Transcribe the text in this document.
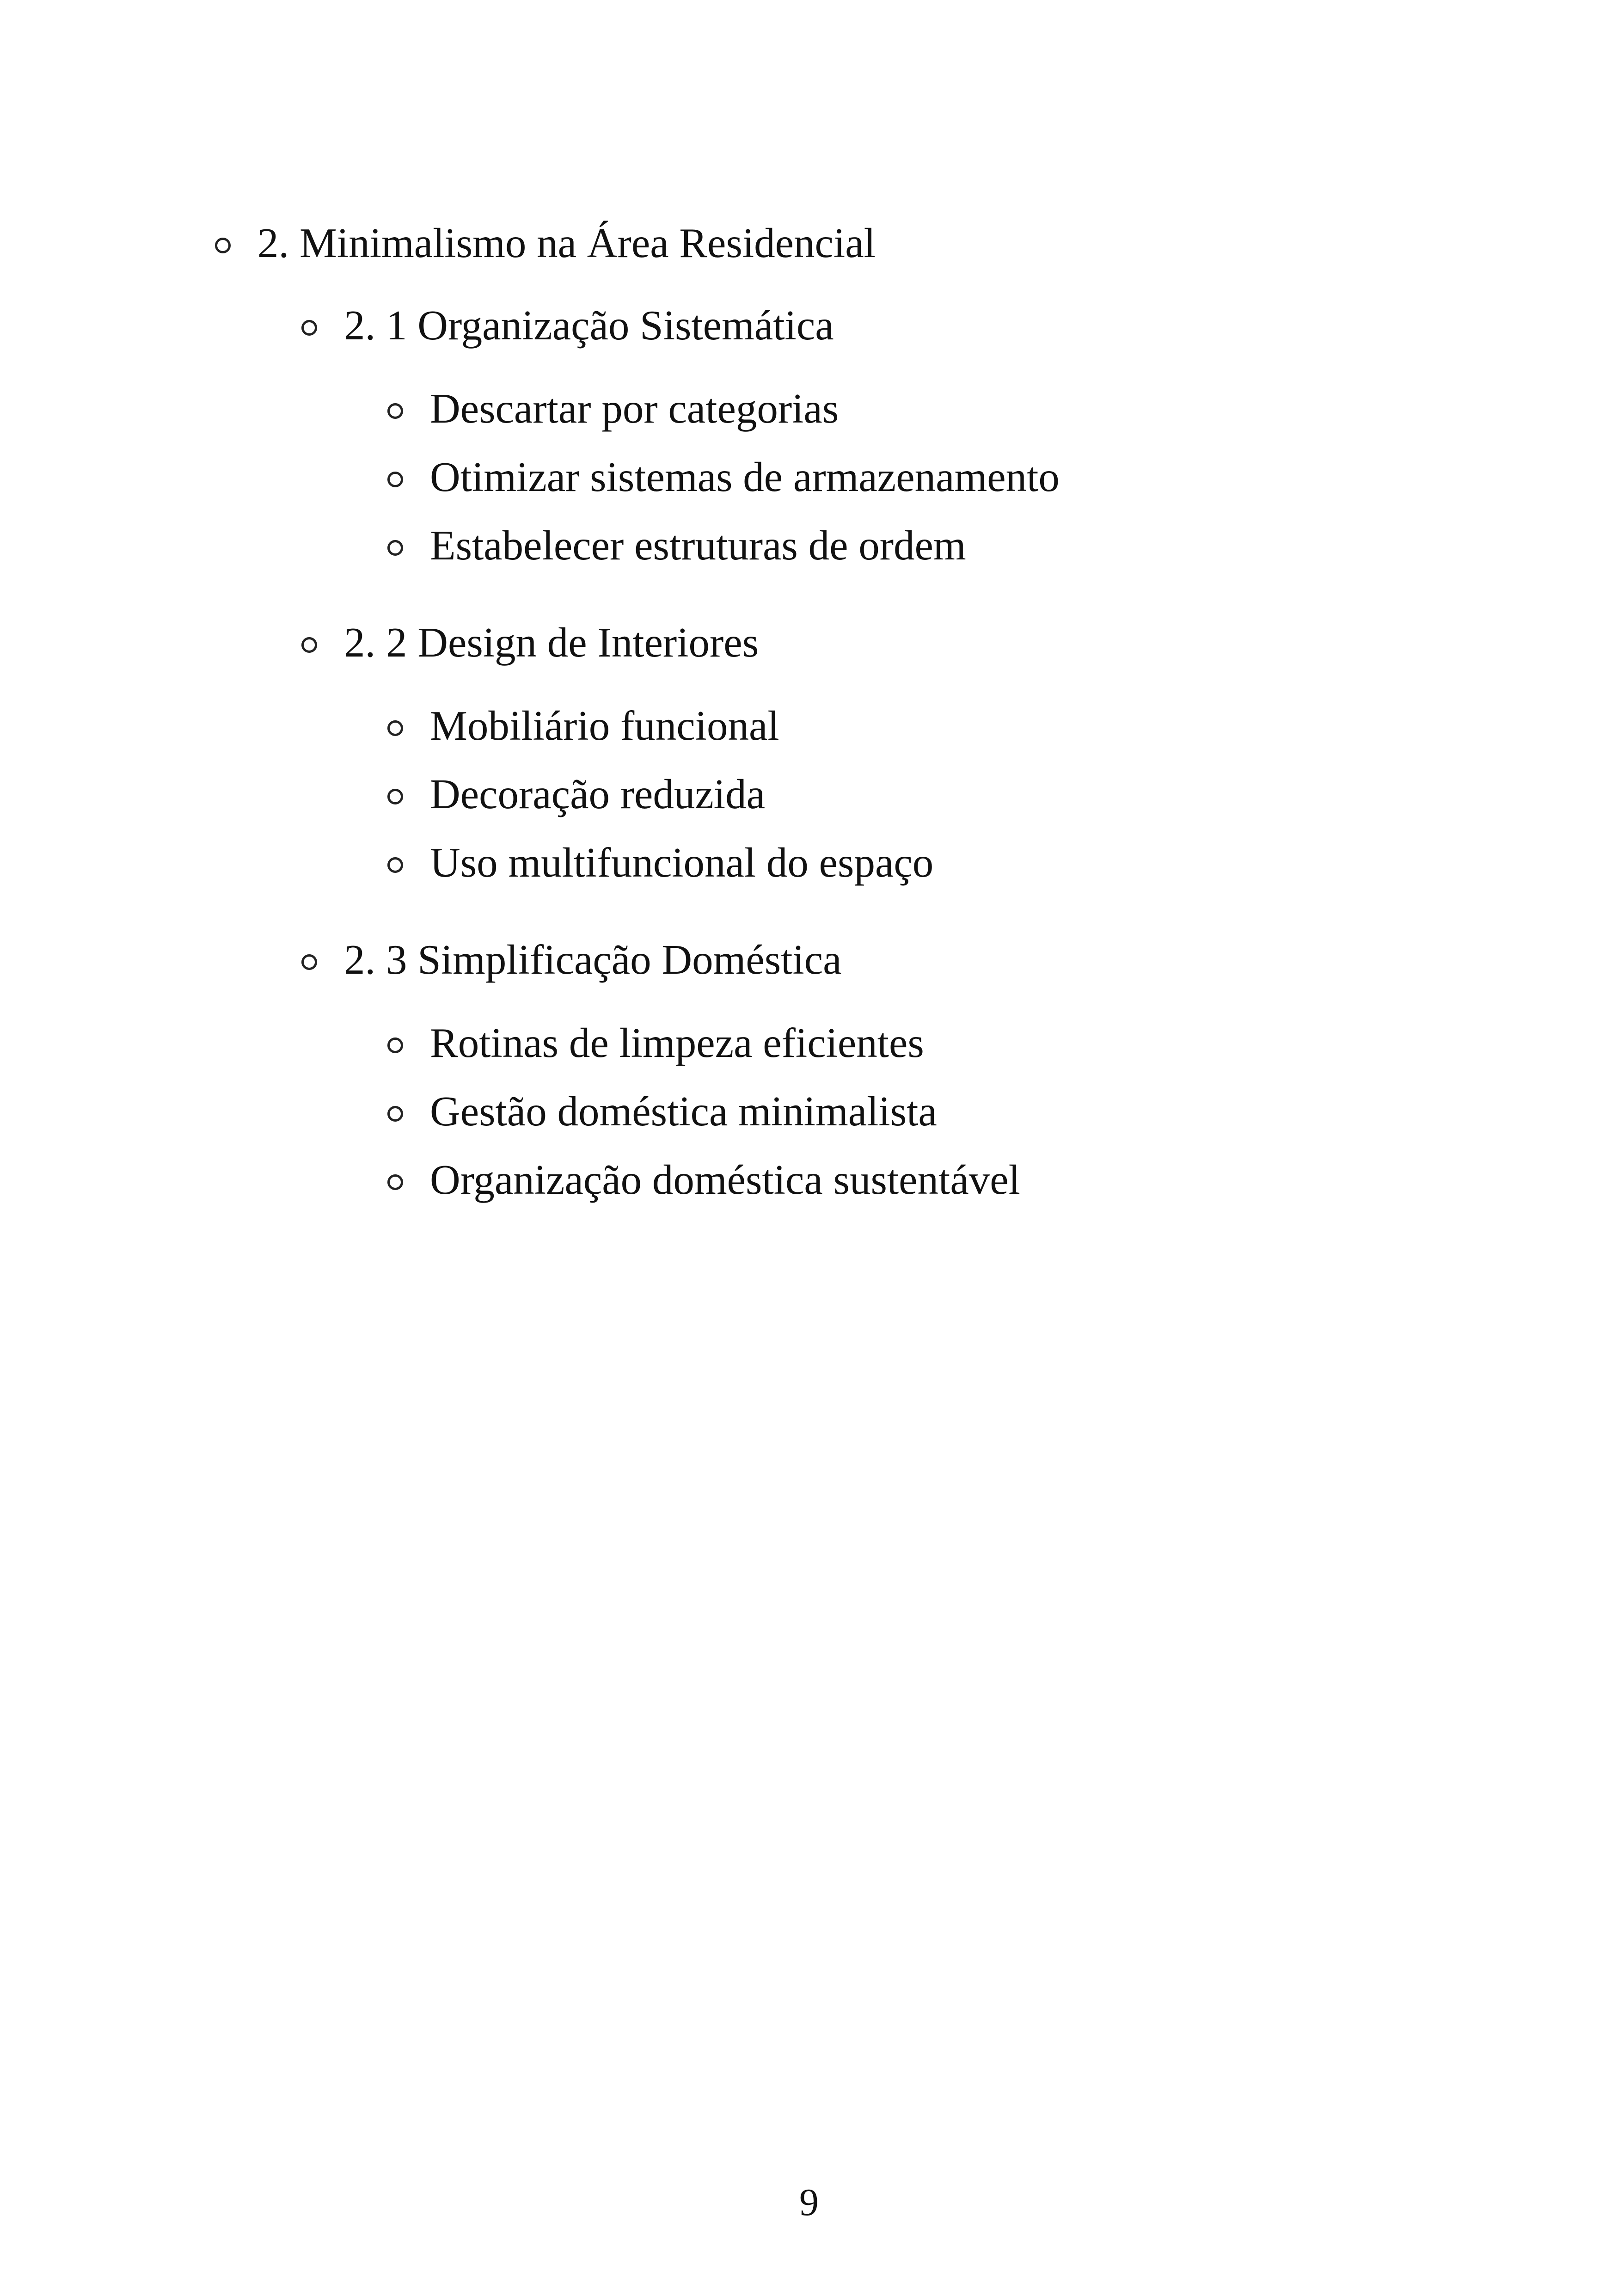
2. Minimalismo na Área Residencial
2. 1 Organização Sistemática
Descartar por categorias
Otimizar sistemas de armazenamento
Estabelecer estruturas de ordem
2. 2 Design de Interiores
Mobiliário funcional
Decoração reduzida
Uso multifuncional do espaço
2. 3 Simplificação Doméstica
Rotinas de limpeza eficientes
Gestão doméstica minimalista
Organização doméstica sustentável
9
